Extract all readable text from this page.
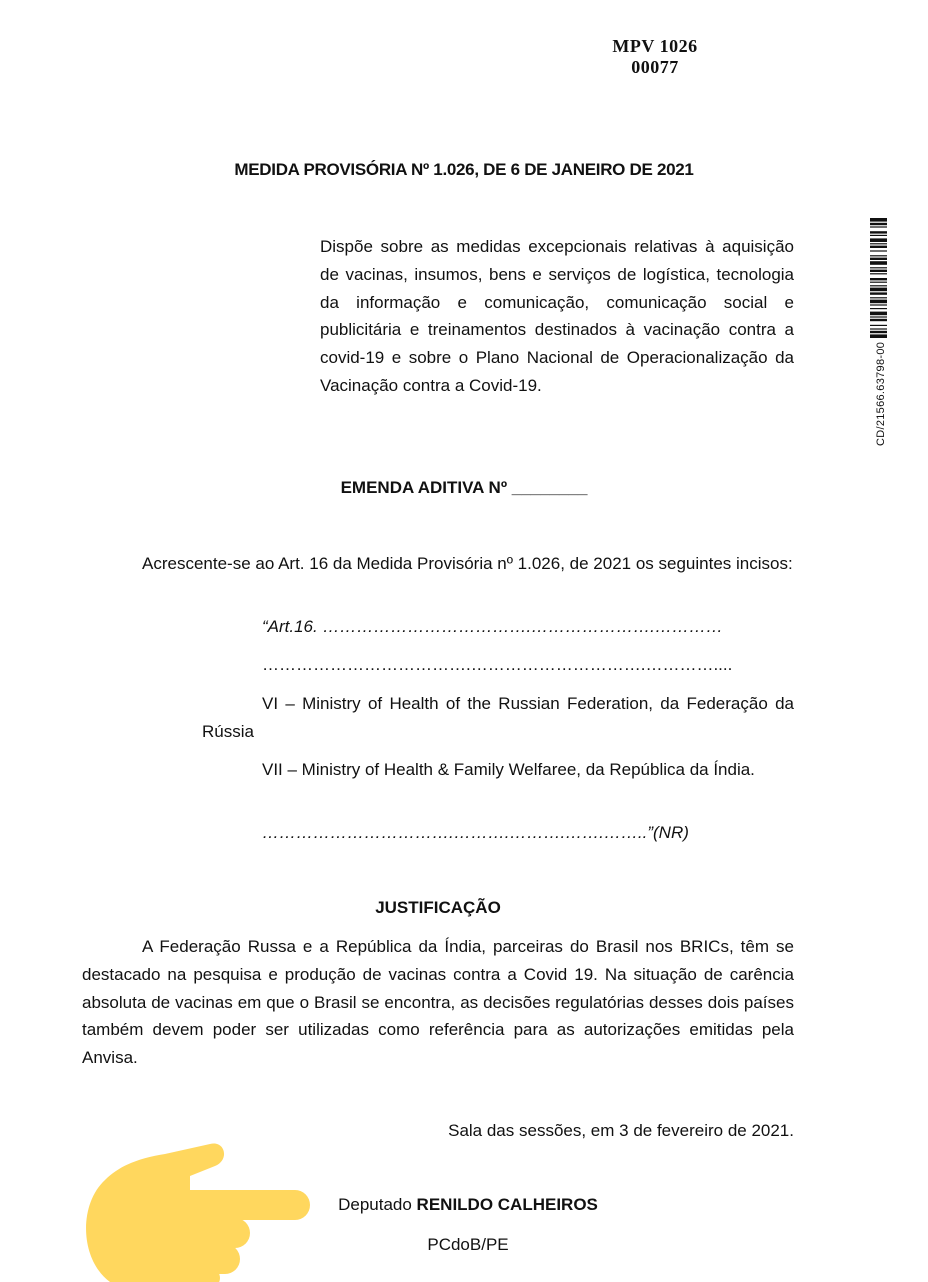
MPV 1026
00077
MEDIDA PROVISÓRIA Nº 1.026, DE 6 DE JANEIRO DE 2021
Dispõe sobre as medidas excepcionais relativas à aquisição de vacinas, insumos, bens e serviços de logística, tecnologia da informação e comunicação, comunicação social e publicitária e treinamentos destinados à vacinação contra a covid-19 e sobre o Plano Nacional de Operacionalização da Vacinação contra a Covid-19.	CD/21566.63798-00
EMENDA ADITIVA Nº ________
Acrescente-se ao Art. 16 da Medida Provisória nº 1.026, de 2021 os seguintes incisos:
“Art.16. ……………………………….………………….…………
……………………………….………………………….…………....
VI – Ministry of Health of the Russian Federation, da Federação da Rússia
VII – Ministry of Health & Family Welfaree, da República da Índia.
…………………………….……….……….…….……..”(NR)
JUSTIFICAÇÃO
A Federação Russa e a República da Índia, parceiras do Brasil nos BRICs, têm se destacado na pesquisa e produção de vacinas contra a Covid 19. Na situação de carência absoluta de vacinas em que o Brasil se encontra, as decisões regulatórias desses dois países também devem poder ser utilizadas como referência para as autorizações emitidas pela Anvisa.
Sala das sessões, em 3 de fevereiro de 2021.
Deputado RENILDO CALHEIROS
PCdoB/PE
